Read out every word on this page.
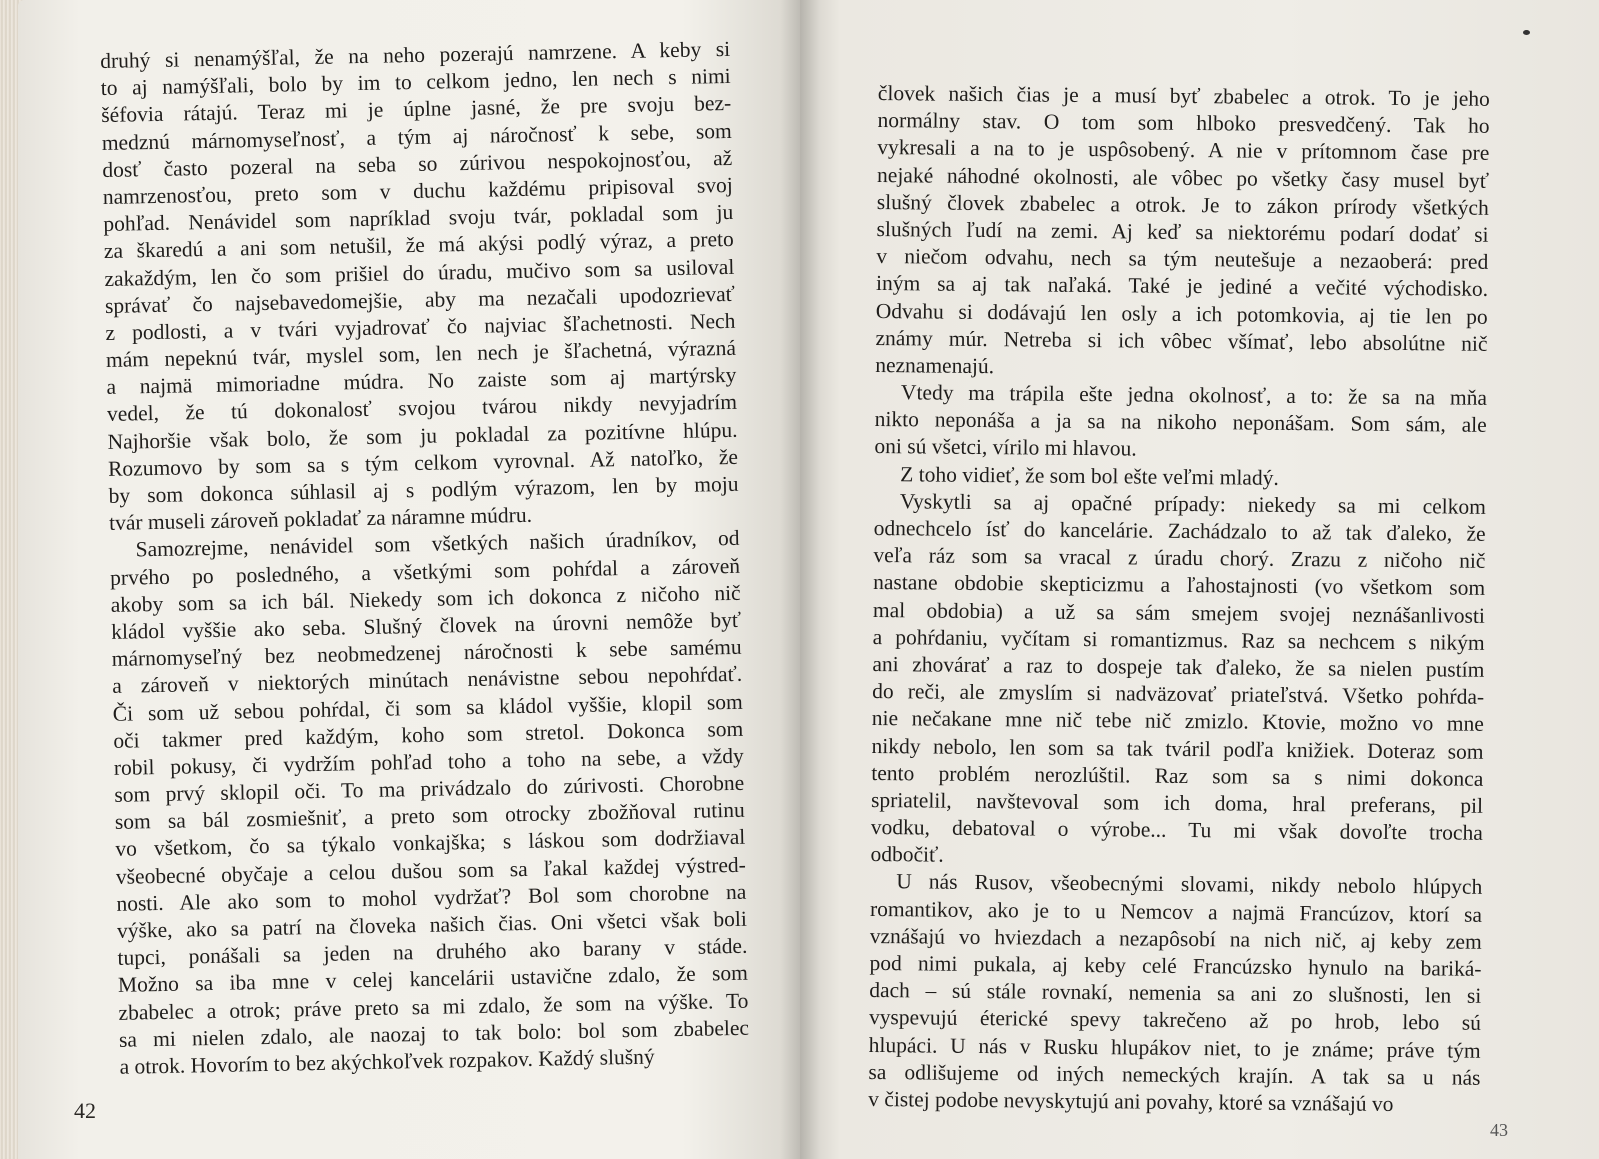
druhý si nenamýšľal, že na neho pozerajú namrzene. A keby si
to aj namýšľali, bolo by im to celkom jedno, len nech s nimi
šéfovia rátajú. Teraz mi je úplne jasné, že pre svoju bez-
medznú márnomyseľnosť, a tým aj náročnosť k sebe, som
dosť často pozeral na seba so zúrivou nespokojnosťou, až
namrzenosťou, preto som v duchu každému pripisoval svoj
pohľad. Nenávidel som napríklad svoju tvár, pokladal som ju
za škaredú a ani som netušil, že má akýsi podlý výraz, a preto
zakaždým, len čo som prišiel do úradu, mučivo som sa usiloval
správať čo najsebavedomejšie, aby ma nezačali upodozrievať
z podlosti, a v tvári vyjadrovať čo najviac šľachetnosti. Nech
mám nepeknú tvár, myslel som, len nech je šľachetná, výrazná
a najmä mimoriadne múdra. No zaiste som aj martýrsky
vedel, že tú dokonalosť svojou tvárou nikdy nevyjadrím
Najhoršie však bolo, že som ju pokladal za pozitívne hlúpu.
Rozumovo by som sa s tým celkom vyrovnal. Až natoľko, že
by som dokonca súhlasil aj s podlým výrazom, len by moju
tvár museli zároveň pokladať za náramne múdru.
Samozrejme, nenávidel som všetkých našich úradníkov, od
prvého po posledného, a všetkými som pohŕdal a zároveň
akoby som sa ich bál. Niekedy som ich dokonca z ničoho nič
kládol vyššie ako seba. Slušný človek na úrovni nemôže byť
márnomyseľný bez neobmedzenej náročnosti k sebe samému
a zároveň v niektorých minútach nenávistne sebou nepohŕdať.
Či som už sebou pohŕdal, či som sa kládol vyššie, klopil som
oči takmer pred každým, koho som stretol. Dokonca som
robil pokusy, či vydržím pohľad toho a toho na sebe, a vždy
som prvý sklopil oči. To ma privádzalo do zúrivosti. Chorobne
som sa bál zosmiešniť, a preto som otrocky zbožňoval rutinu
vo všetkom, čo sa týkalo vonkajška; s láskou som dodržiaval
všeobecné obyčaje a celou dušou som sa ľakal každej výstred-
nosti. Ale ako som to mohol vydržať? Bol som chorobne na
výške, ako sa patrí na človeka našich čias. Oni všetci však boli
tupci, ponášali sa jeden na druhého ako barany v stáde.
Možno sa iba mne v celej kancelárii ustavične zdalo, že som
zbabelec a otrok; práve preto sa mi zdalo, že som na výške. To
sa mi nielen zdalo, ale naozaj to tak bolo: bol som zbabelec
a otrok. Hovorím to bez akýchkoľvek rozpakov. Každý slušný
42
človek našich čias je a musí byť zbabelec a otrok. To je jeho
normálny stav. O tom som hlboko presvedčený. Tak ho
vykresali a na to je uspôsobený. A nie v prítomnom čase pre
nejaké náhodné okolnosti, ale vôbec po všetky časy musel byť
slušný človek zbabelec a otrok. Je to zákon prírody všetkých
slušných ľudí na zemi. Aj keď sa niektorému podarí dodať si
v niečom odvahu, nech sa tým neutešuje a nezaoberá: pred
iným sa aj tak naľaká. Také je jediné a večité východisko.
Odvahu si dodávajú len osly a ich potomkovia, aj tie len po
známy múr. Netreba si ich vôbec všímať, lebo absolútne nič
neznamenajú.
Vtedy ma trápila ešte jedna okolnosť, a to: že sa na mňa
nikto neponáša a ja sa na nikoho neponášam. Som sám, ale
oni sú všetci, vírilo mi hlavou.
Z toho vidieť, že som bol ešte veľmi mladý.
Vyskytli sa aj opačné prípady: niekedy sa mi celkom
odnechcelo ísť do kancelárie. Zachádzalo to až tak ďaleko, že
veľa ráz som sa vracal z úradu chorý. Zrazu z ničoho nič
nastane obdobie skepticizmu a ľahostajnosti (vo všetkom som
mal obdobia) a už sa sám smejem svojej neznášanlivosti
a pohŕdaniu, vyčítam si romantizmus. Raz sa nechcem s nikým
ani zhovárať a raz to dospeje tak ďaleko, že sa nielen pustím
do reči, ale zmyslím si nadväzovať priateľstvá. Všetko pohŕda-
nie nečakane mne nič tebe nič zmizlo. Ktovie, možno vo mne
nikdy nebolo, len som sa tak tváril podľa knižiek. Doteraz som
tento problém nerozlúštil. Raz som sa s nimi dokonca
spriatelil, navštevoval som ich doma, hral preferans, pil
vodku, debatoval o výrobe... Tu mi však dovoľte trocha
odbočiť.
U nás Rusov, všeobecnými slovami, nikdy nebolo hlúpych
romantikov, ako je to u Nemcov a najmä Francúzov, ktorí sa
vznášajú vo hviezdach a nezapôsobí na nich nič, aj keby zem
pod nimi pukala, aj keby celé Francúzsko hynulo na bariká-
dach – sú stále rovnakí, nemenia sa ani zo slušnosti, len si
vyspevujú éterické spevy takrečeno až po hrob, lebo sú
hlupáci. U nás v Rusku hlupákov niet, to je známe; práve tým
sa odlišujeme od iných nemeckých krajín. A tak sa u nás
v čistej podobe nevyskytujú ani povahy, ktoré sa vznášajú vo
43
